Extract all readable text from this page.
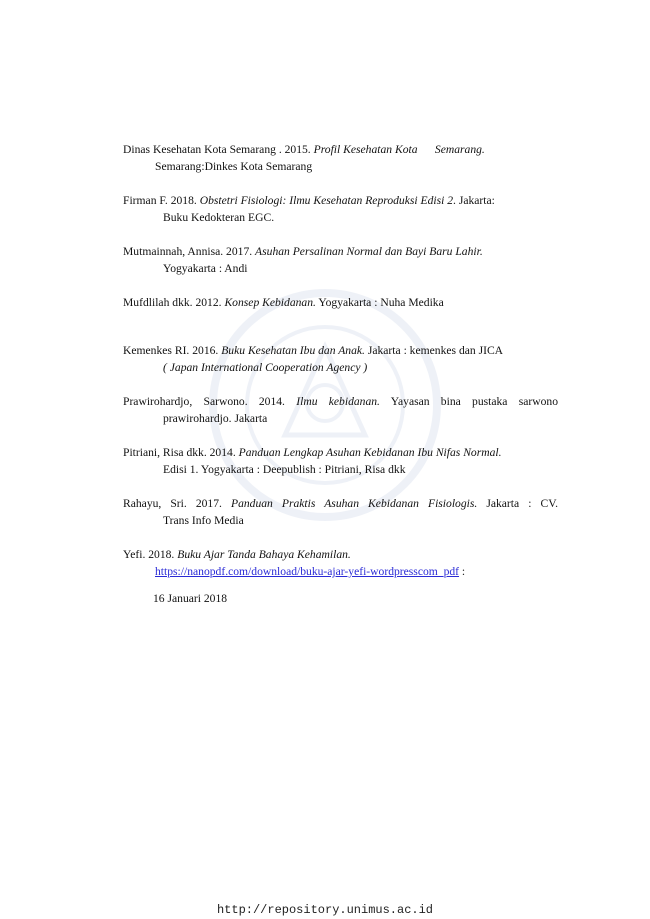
Dinas Kesehatan Kota Semarang . 2015. Profil Kesehatan Kota      Semarang.
Semarang:Dinkes Kota Semarang
Firman F. 2018. Obstetri Fisiologi: Ilmu Kesehatan Reproduksi Edisi 2. Jakarta:
Buku Kedokteran EGC.
Mutmainnah, Annisa. 2017. Asuhan Persalinan Normal dan Bayi Baru Lahir.
Yogyakarta : Andi
Mufdlilah dkk. 2012. Konsep Kebidanan. Yogyakarta : Nuha Medika
Kemenkes RI. 2016. Buku Kesehatan Ibu dan Anak. Jakarta : kemenkes dan JICA
( Japan International Cooperation Agency )
Prawirohardjo, Sarwono. 2014. Ilmu kebidanan. Yayasan bina pustaka sarwono
prawirohardjo. Jakarta
Pitriani, Risa dkk. 2014. Panduan Lengkap Asuhan Kebidanan Ibu Nifas Normal.
Edisi 1. Yogyakarta : Deepublish : Pitriani, Risa dkk
Rahayu, Sri. 2017. Panduan Praktis Asuhan Kebidanan Fisiologis. Jakarta : CV.
Trans Info Media
Yefi. 2018. Buku Ajar Tanda Bahaya Kehamilan.
https://nanopdf.com/download/buku-ajar-yefi-wordpresscom_pdf :
16 Januari 2018
http://repository.unimus.ac.id
